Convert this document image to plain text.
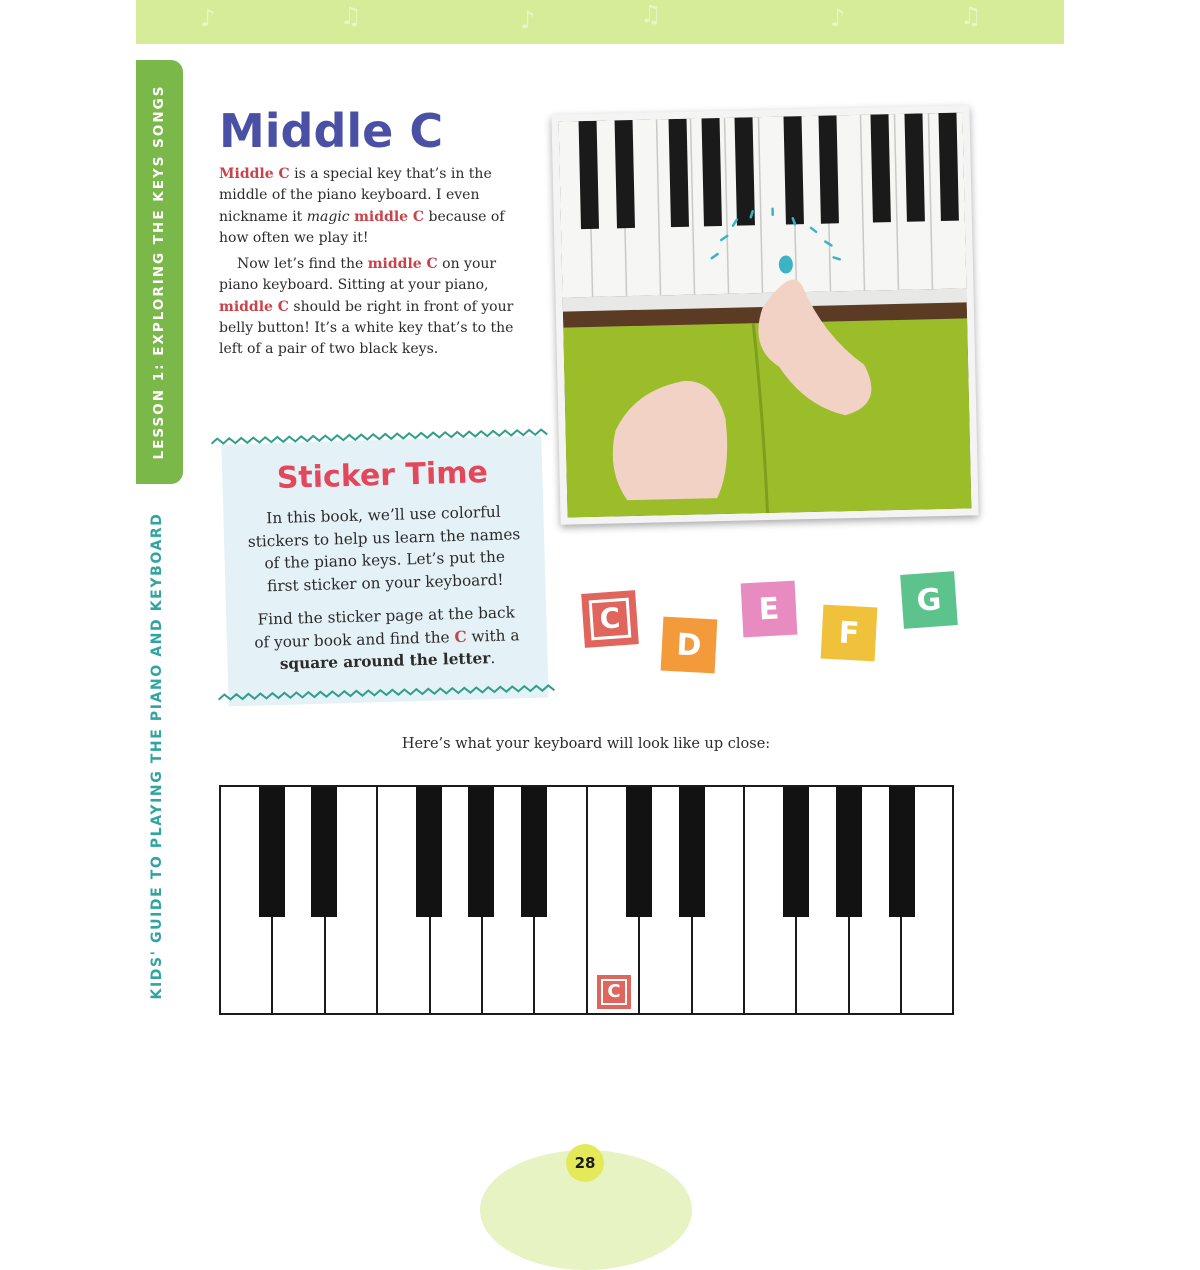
♪	♫	♪	♫	♪	♫
LESSON 1: EXPLORING THE KEYS SONGS
KIDS' GUIDE TO PLAYING THE PIANO AND KEYBOARD
Middle C

Middle C is a special key that’s in the middle of the piano keyboard. I even nickname it magic middle C because of how often we play it!

Now let’s find the middle C on your piano keyboard. Sitting at your piano, middle C should be right in front of your belly button! It’s a white key that’s to the left of a pair of two black keys.

Sticker Time

In this book, we’ll use colorful stickers to help us learn the names of the piano keys. Let’s put the first sticker on your keyboard!

Find the sticker page at the back of your book and find the C with a square around the letter.

C
D
E
F
G
Here’s what your keyboard will look like up close:
C
28
